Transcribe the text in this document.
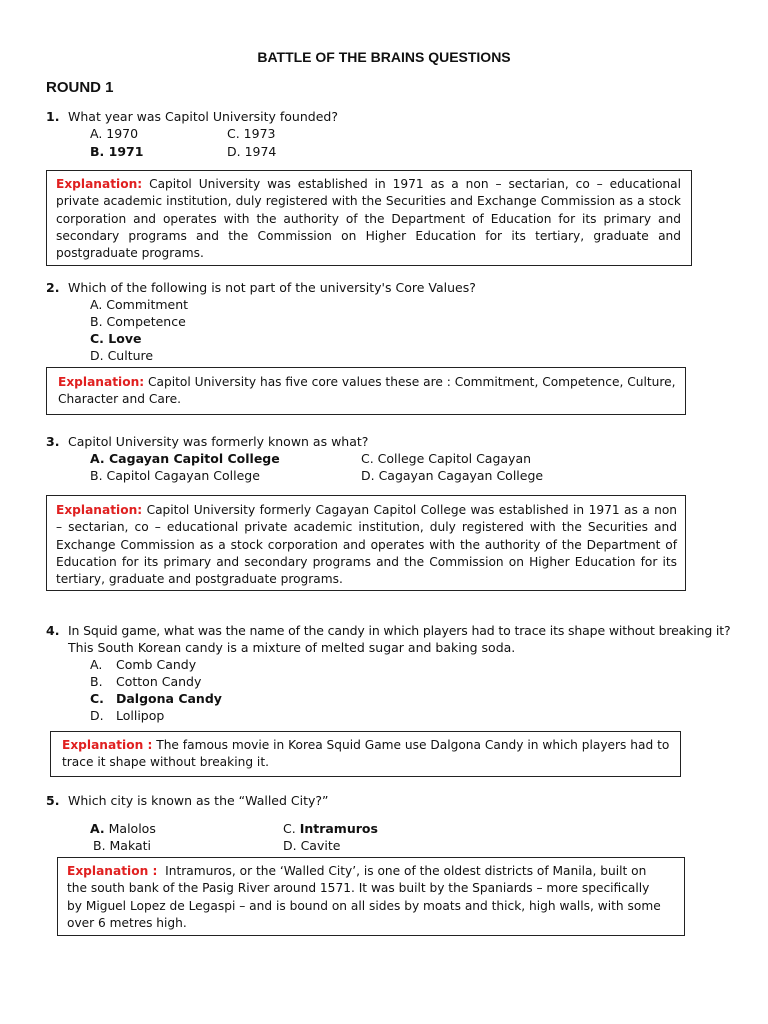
BATTLE OF THE BRAINS QUESTIONS
ROUND 1
1. What year was Capitol University founded?
A. 1970	C. 1973
B. 1971	D. 1974
Explanation: Capitol University was established in 1971 as a non – sectarian, co – educational private academic institution, duly registered with the Securities and Exchange Commission as a stock corporation and operates with the authority of the Department of Education for its primary and secondary programs and the Commission on Higher Education for its tertiary, graduate and postgraduate programs.
2. Which of the following is not part of the university's Core Values?
A. Commitment
B. Competence
C. Love
D. Culture
Explanation: Capitol University has five core values these are : Commitment, Competence, Culture, Character and Care.
3. Capitol University was formerly known as what?
A. Cagayan Capitol College	C. College Capitol Cagayan
B. Capitol Cagayan College	D. Cagayan Cagayan College
Explanation: Capitol University formerly Cagayan Capitol College was established in 1971 as a non – sectarian, co – educational private academic institution, duly registered with the Securities and Exchange Commission as a stock corporation and operates with the authority of the Department of Education for its primary and secondary programs and the Commission on Higher Education for its tertiary, graduate and postgraduate programs.
4. In Squid game, what was the name of the candy in which players had to trace its shape without breaking it?
This South Korean candy is a mixture of melted sugar and baking soda.
A. Comb Candy
B. Cotton Candy
C. Dalgona Candy
D. Lollipop
Explanation : The famous movie in Korea Squid Game use Dalgona Candy in which players had to trace it shape without breaking it.
5. Which city is known as the “Walled City?”
A. Malolos	C. Intramuros
B. Makati	D. Cavite
Explanation : Intramuros, or the ‘Walled City’, is one of the oldest districts of Manila, built on the south bank of the Pasig River around 1571. It was built by the Spaniards – more specifically by Miguel Lopez de Legaspi – and is bound on all sides by moats and thick, high walls, with some over 6 metres high.
